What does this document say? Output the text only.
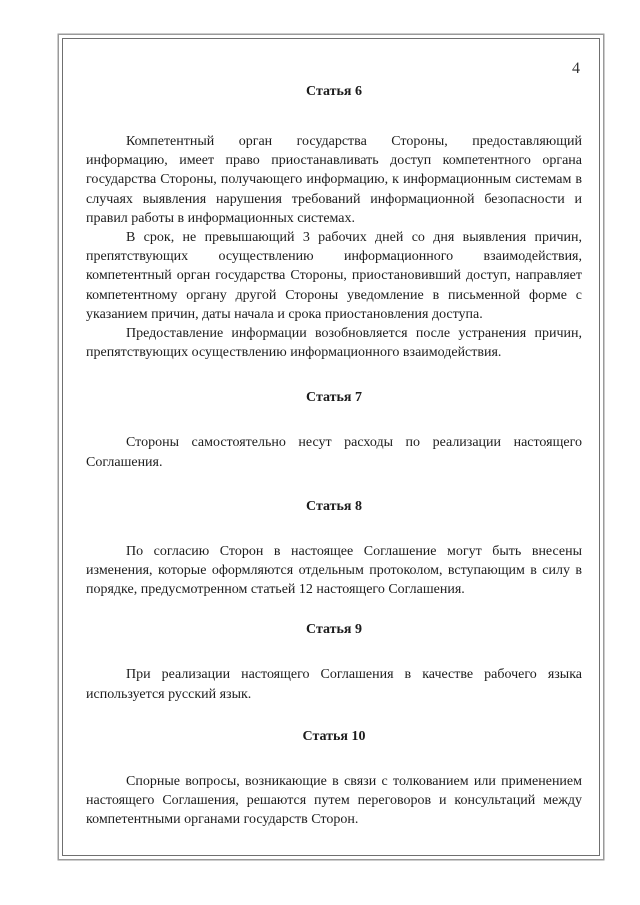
4
Статья 6

Компетентный орган государства Стороны, предоставляющий информацию, имеет право приостанавливать доступ компетентного органа государства Стороны, получающего информацию, к информационным системам в случаях выявления нарушения требований информационной безопасности и правил работы в информационных системах.

В срок, не превышающий 3 рабочих дней со дня выявления причин, препятствующих осуществлению информационного взаимодействия, компетентный орган государства Стороны, приостановивший доступ, направляет компетентному органу другой Стороны уведомление в письменной форме с указанием причин, даты начала и срока приостановления доступа.

Предоставление информации возобновляется после устранения причин, препятствующих осуществлению информационного взаимодействия.

Статья 7

Стороны самостоятельно несут расходы по реализации настоящего Соглашения.

Статья 8

По согласию Сторон в настоящее Соглашение могут быть внесены изменения, которые оформляются отдельным протоколом, вступающим в силу в порядке, предусмотренном статьей 12 настоящего Соглашения.

Статья 9

При реализации настоящего Соглашения в качестве рабочего языка используется русский язык.

Статья 10

Спорные вопросы, возникающие в связи с толкованием или применением настоящего Соглашения, решаются путем переговоров и консультаций между компетентными органами государств Сторон.
